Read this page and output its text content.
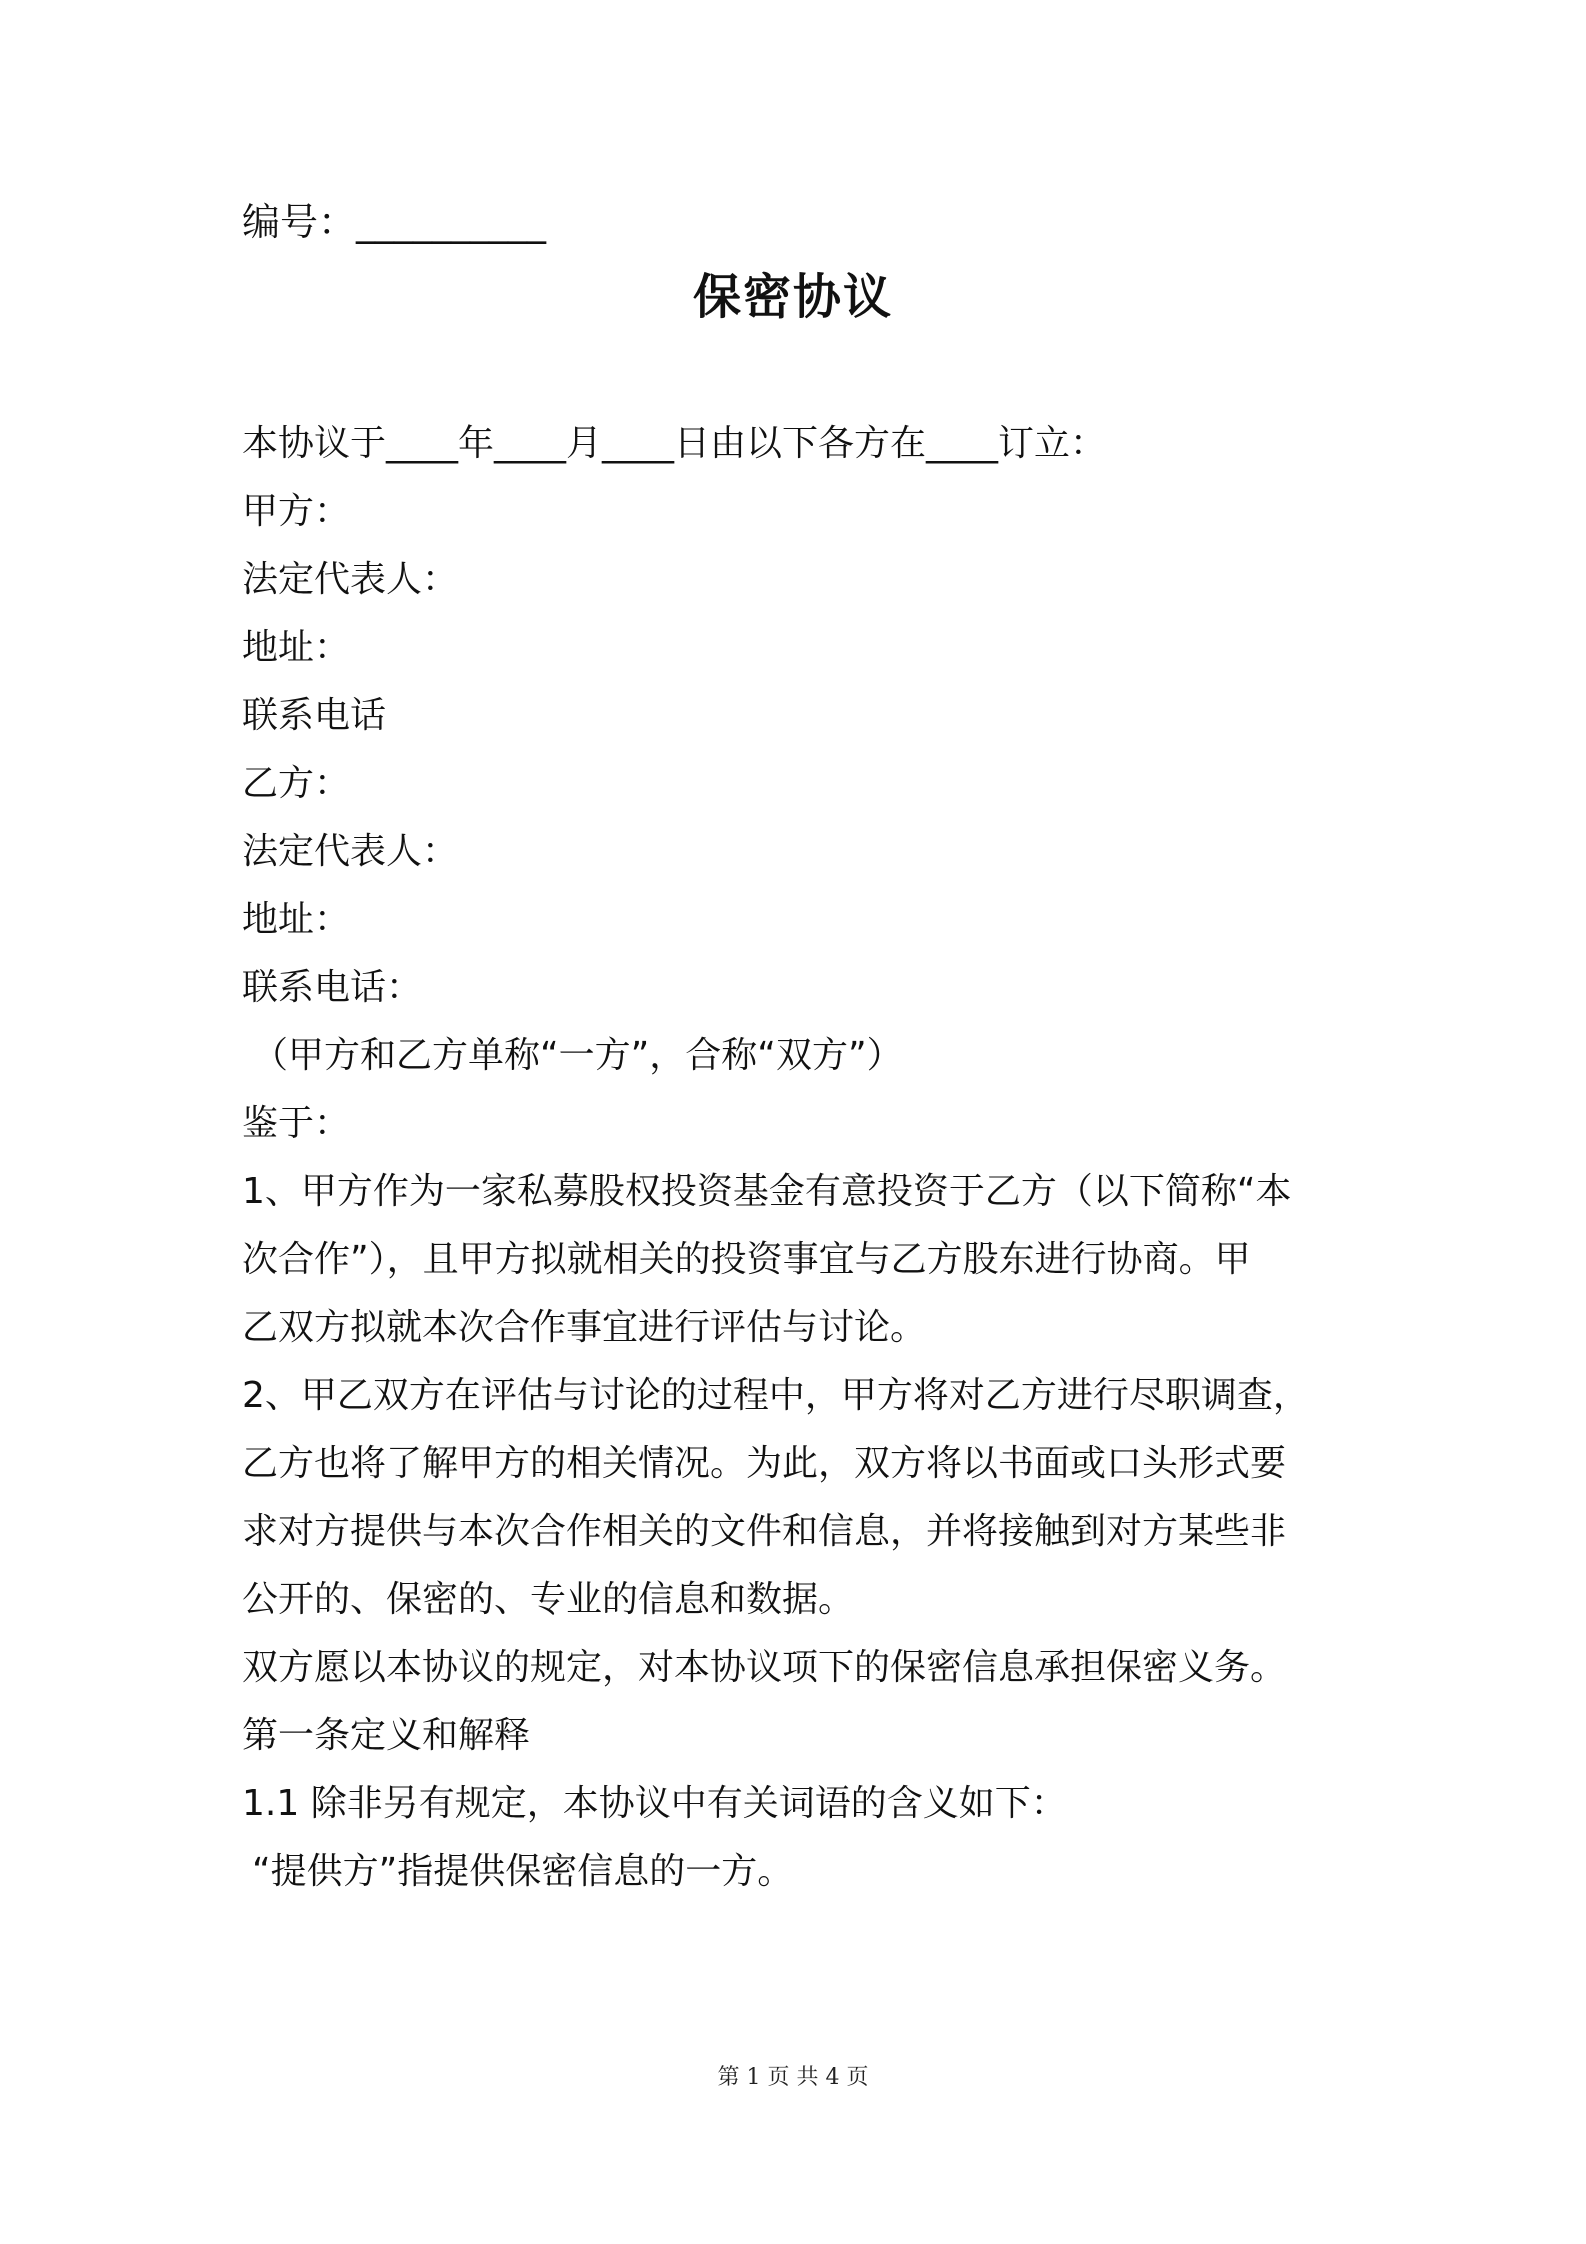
编号：__________
保密协议
本协议于____年____月____日由以下各方在____订立：
甲方：
法定代表人：
地址：
联系电话
乙方：
法定代表人：
地址：
联系电话：
（甲方和乙方单称“一方”，合称“双方”）
鉴于：
1、甲方作为一家私募股权投资基金有意投资于乙方（以下简称“本
次合作”），且甲方拟就相关的投资事宜与乙方股东进行协商。甲
乙双方拟就本次合作事宜进行评估与讨论。
2、甲乙双方在评估与讨论的过程中，甲方将对乙方进行尽职调查，
乙方也将了解甲方的相关情况。为此，双方将以书面或口头形式要
求对方提供与本次合作相关的文件和信息，并将接触到对方某些非
公开的、保密的、专业的信息和数据。
双方愿以本协议的规定，对本协议项下的保密信息承担保密义务。
第一条定义和解释
1.1 除非另有规定，本协议中有关词语的含义如下：
“提供方”指提供保密信息的一方。
第 1 页 共 4 页
